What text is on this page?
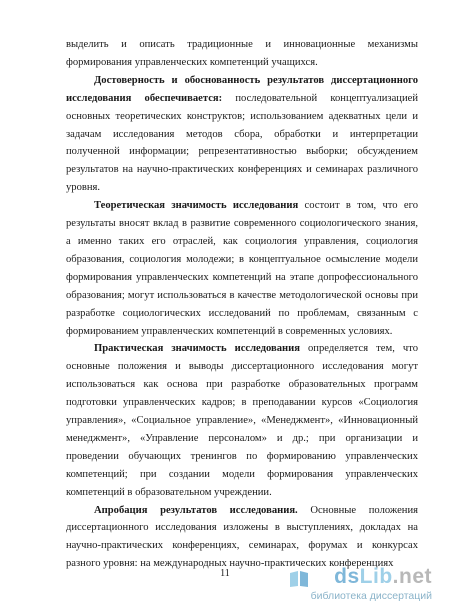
выделить и описать традиционные и инновационные механизмы формирования управленческих компетенций учащихся.

Достоверность и обоснованность результатов диссертационного исследования обеспечивается: последовательной концептуализацией основных теоретических конструктов; использованием адекватных цели и задачам исследования методов сбора, обработки и интерпретации полученной информации; репрезентативностью выборки; обсуждением результатов на научно-практических конференциях и семинарах различного уровня.

Теоретическая значимость исследования состоит в том, что его результаты вносят вклад в развитие современного социологического знания, а именно таких его отраслей, как социология управления, социология образования, социология молодежи; в концептуальное осмысление модели формирования управленческих компетенций на этапе допрофессионального образования; могут использоваться в качестве методологической основы при разработке социологических исследований по проблемам, связанным с формированием управленческих компетенций в современных условиях.

Практическая значимость исследования определяется тем, что основные положения и выводы диссертационного исследования могут использоваться как основа при разработке образовательных программ подготовки управленческих кадров; в преподавании курсов «Социология управления», «Социальное управление», «Менеджмент», «Инновационный менеджмент», «Управление персоналом» и др.; при организации и проведении обучающих тренингов по формированию управленческих компетенций; при создании модели формирования управленческих компетенций в образовательном учреждении.

Апробация результатов исследования. Основные положения диссертационного исследования изложены в выступлениях, докладах на научно-практических конференциях, семинарах, форумах и конкурсах разного уровня: на международных научно-практических конференциях

11	dsLib.net
библиотека диссертаций
